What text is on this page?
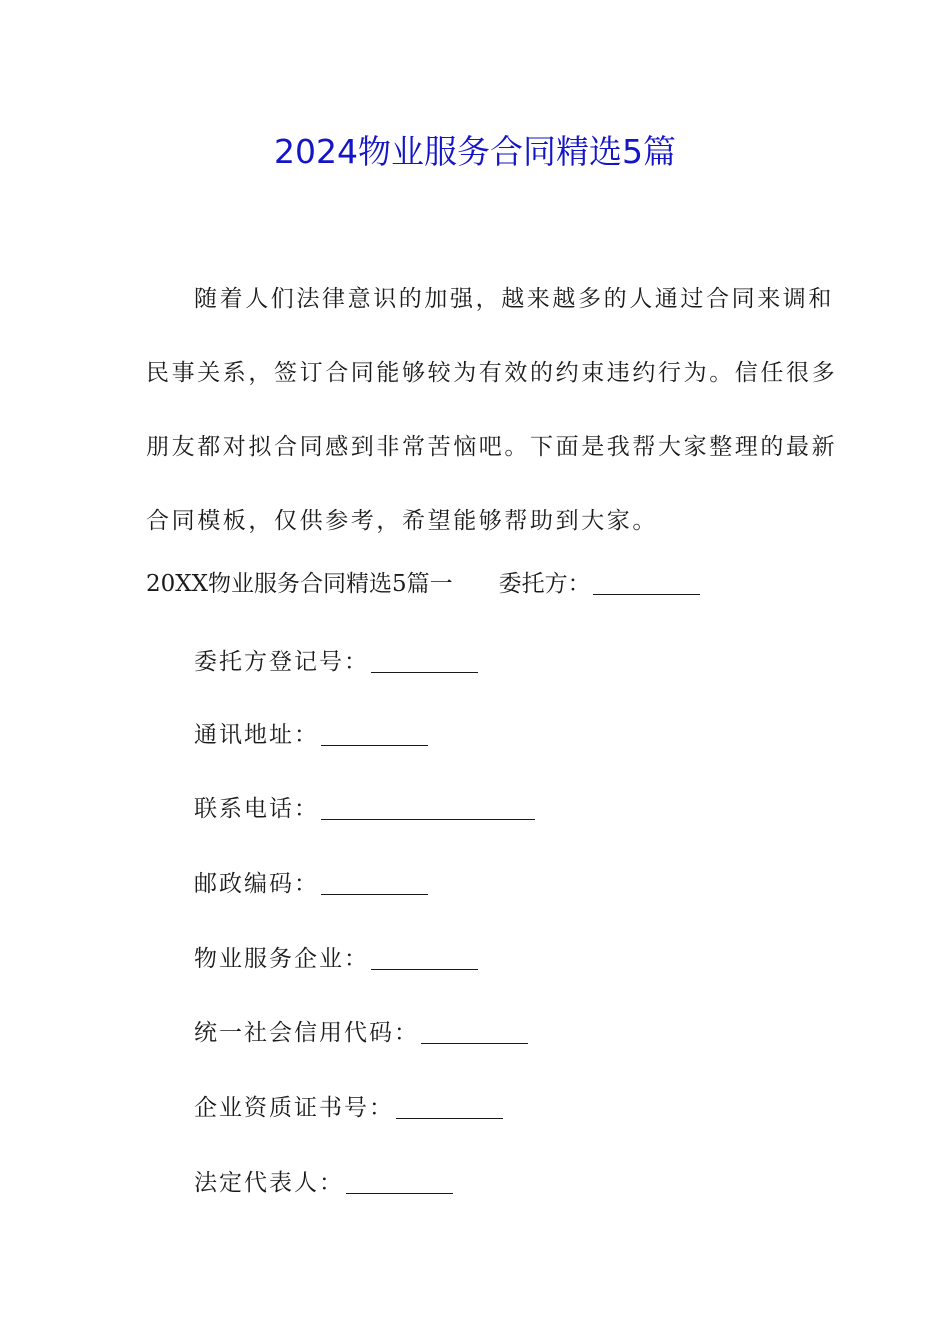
2024物业服务合同精选5篇
随着人们法律意识的加强，越来越多的人通过合同来调和
民事关系，签订合同能够较为有效的约束违约行为。信任很多
朋友都对拟合同感到非常苦恼吧。下面是我帮大家整理的最新
合同模板，仅供参考，希望能够帮助到大家。
20XX物业服务合同精选5篇一 委托方：
委托方登记号：
通讯地址：
联系电话：
邮政编码：
物业服务企业：
统一社会信用代码：
企业资质证书号：
法定代表人：
